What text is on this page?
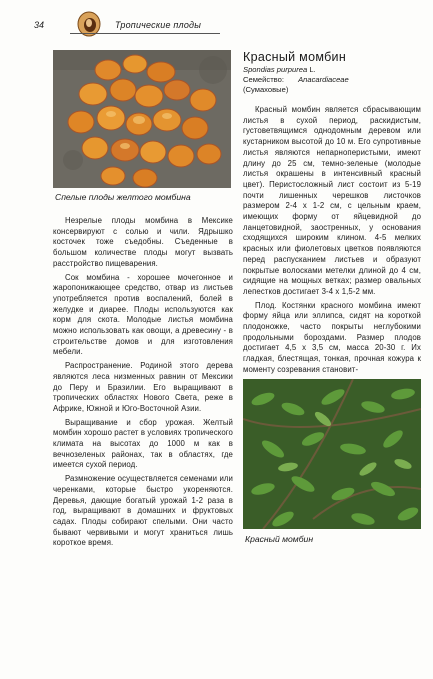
34	Тропические плоды
Спелые плоды желтого момбина

Незрелые плоды момбина в Мексике консервируют с солью и чили. Ядрышко косточек тоже съедобны. Съеденные в большом количестве плоды могут вызвать расстройство пищеварения.

Сок момбина - хорошее мочегонное и жаропонижающее средство, отвар из листьев употребляется против воспалений, болей в желудке и диарее. Плоды используются как корм для скота. Молодые листья момбина можно использовать как овощи, а древесину - в строительстве домов и для изготовления мебели.

Распространение. Родиной этого дерева являются леса низменных равнин от Мексики до Перу и Бразилии. Его выращивают в тропических областях Нового Света, реже в Африке, Южной и Юго-Восточной Азии.

Выращивание и сбор урожая. Желтый момбин хорошо растет в условиях тропического климата на высотах до 1000 м как в вечнозеленых районах, так в областях, где имеется сухой период.

Размножение осуществляется семенами или черенками, которые быстро укореняются. Деревья, дающие богатый урожай 1-2 раза в год, выращивают в домашних и фруктовых садах. Плоды собирают спелыми. Они часто бывают червивыми и могут храниться лишь короткое время.

Красный момбин

Spondias purpurea L.

Семейство: Anacardiaceae

(Сумаховые)

Красный момбин является сбрасывающим листья в сухой период, раскидистым, густоветвящимся однодомным деревом или кустарником высотой до 10 м. Его супротивные листья являются непарноперистыми, имеют длину до 25 см, темно-зеленые (молодые листья окрашены в интенсивный красный цвет). Перистосложный лист состоит из 5-19 почти лишенных черешков листочков размером 2-4 х 1-2 см, с цельным краем, имеющих форму от яйцевидной до ланцетовидной, заостренных, у основания сходящихся широким клином. 4-5 мелких красных или фиолетовых цветков появляются перед распусканием листьев и образуют покрытые волосками метелки длиной до 4 см, сидящие на мощных ветках; размер овальных лепестков достигает 3-4 х 1,5-2 мм.

Плод. Костянки красного момбина имеют форму яйца или эллипса, сидят на короткой плодоножке, часто покрыты неглубокими продольными бороздами. Размер плодов достигает 4,5 х 3,5 см, масса 20-30 г. Их гладкая, блестящая, тонкая, прочная кожура к моменту созревания становит-

Красный момбин
